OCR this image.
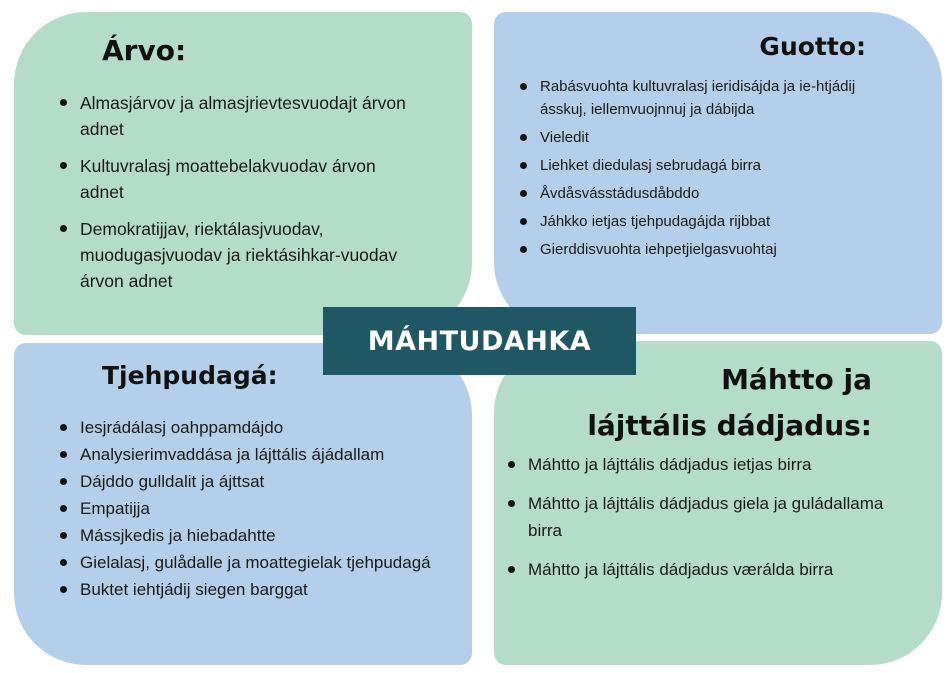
Árvo:
Almasjárvov ja almasjrievtesvuodajt árvon adnet
Kultuvralasj moattebelakvuodav árvon adnet
Demokratijjav, riektálasjvuodav, muodugasjvuodav ja riektásihkar-vuodav árvon adnet
Guotto:
Rabásvuohta kultuvralasj ieridisájda ja ie-htjádij ásskuj, iellemvuojnnuj ja dábijda
Vieledit
Liehket diedulasj sebrudagá birra
Åvdåsvásstádusdåbddo
Jáhkko ietjas tjehpudagájda rijbbat
Gierddisvuohta iehpetjielgasvuohtaj
Tjehpudagá:
Iesjrádálasj oahppamdájdo
Analysierimvaddása ja lájttális ájádallam
Dájddo gulldalit ja ájttsat
Empatijja
Mássjkedis ja hiebadahtte
Gielalasj, gulådalle ja moattegielak tjehpudagá
Buktet iehtjádij siegen barggat
Máhtto ja
lájttális dádjadus:
Máhtto ja lájttális dádjadus ietjas birra
Máhtto ja lájttális dádjadus giela ja guládallama birra
Máhtto ja lájttális dádjadus værálda birra
MÁHTUDAHKA
